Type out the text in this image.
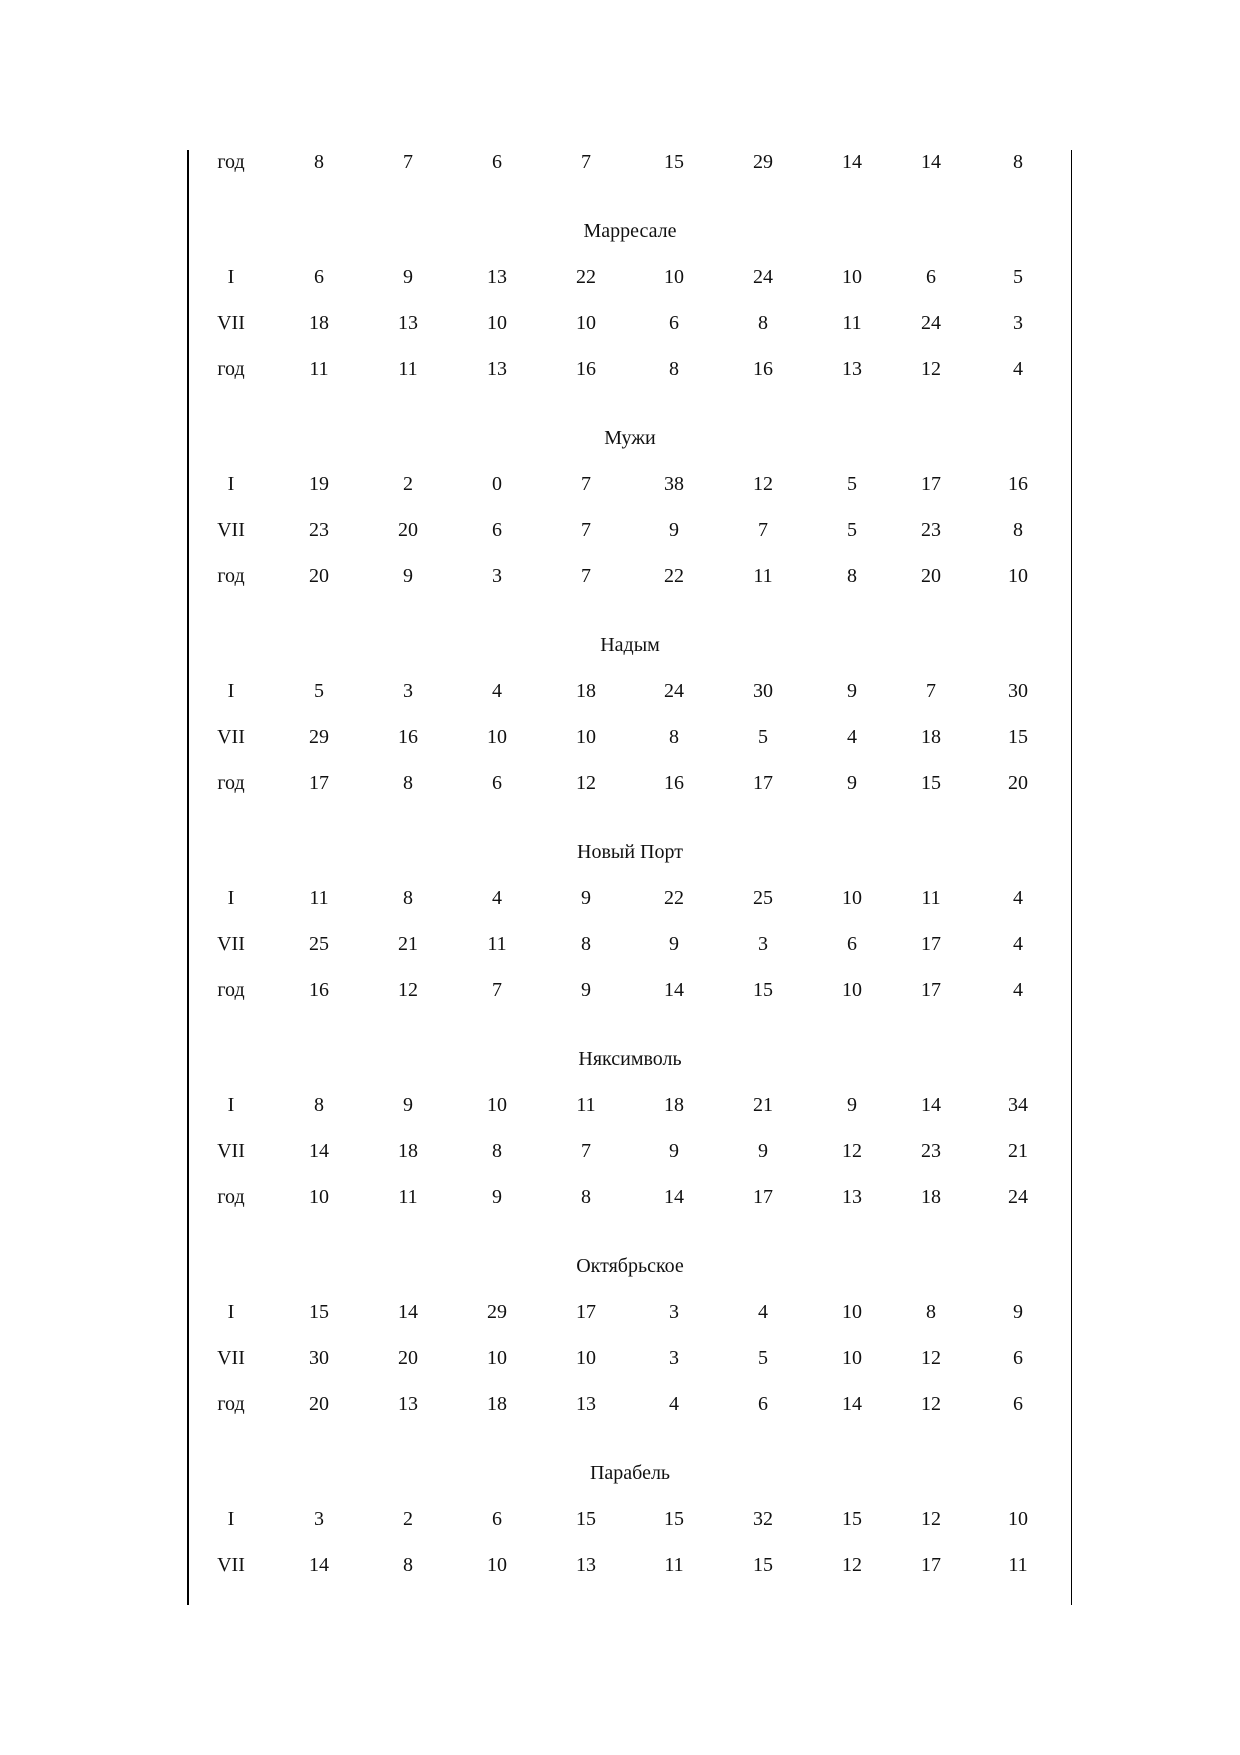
год	8	7	6	7	15	29	14	14	8
Марресале
I	6	9	13	22	10	24	10	6	5
VII	18	13	10	10	6	8	11	24	3
год	11	11	13	16	8	16	13	12	4
Мужи
I	19	2	0	7	38	12	5	17	16
VII	23	20	6	7	9	7	5	23	8
год	20	9	3	7	22	11	8	20	10
Надым
I	5	3	4	18	24	30	9	7	30
VII	29	16	10	10	8	5	4	18	15
год	17	8	6	12	16	17	9	15	20
Новый Порт
I	11	8	4	9	22	25	10	11	4
VII	25	21	11	8	9	3	6	17	4
год	16	12	7	9	14	15	10	17	4
Няксимволь
I	8	9	10	11	18	21	9	14	34
VII	14	18	8	7	9	9	12	23	21
год	10	11	9	8	14	17	13	18	24
Октябрьское
I	15	14	29	17	3	4	10	8	9
VII	30	20	10	10	3	5	10	12	6
год	20	13	18	13	4	6	14	12	6
Парабель
I	3	2	6	15	15	32	15	12	10
VII	14	8	10	13	11	15	12	17	11
